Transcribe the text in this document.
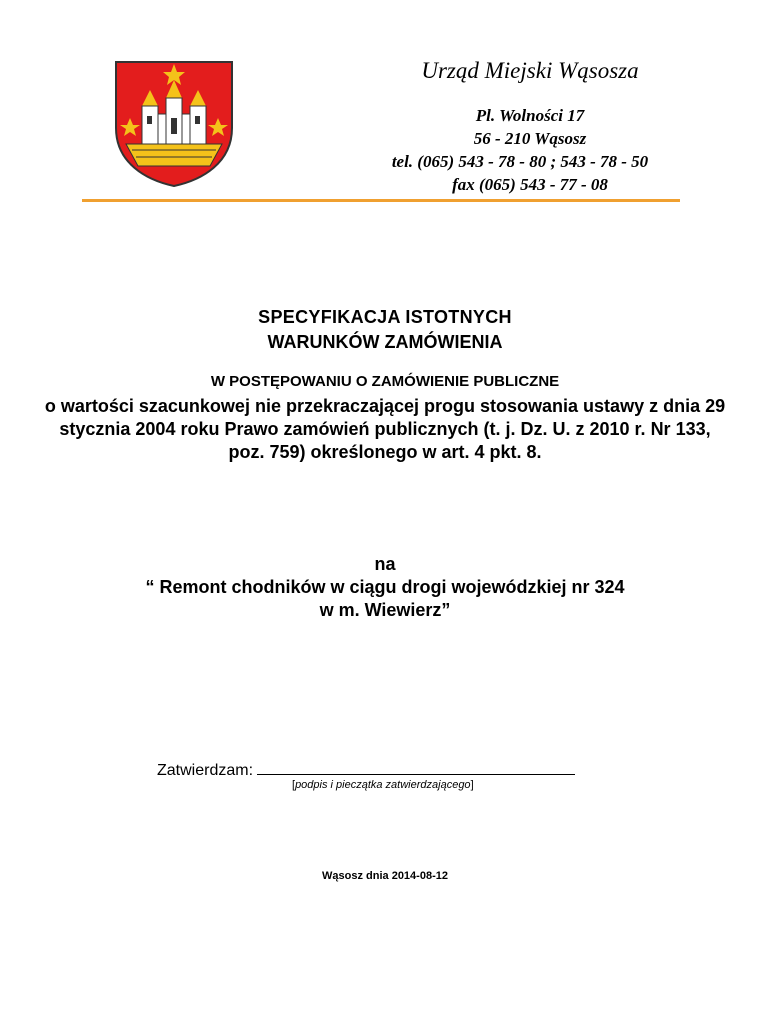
Urząd Miejski Wąsosza
Pl. Wolności 17
56 - 210 Wąsosz
tel. (065) 543 - 78 - 80 ; 543 - 78 - 50
fax (065) 543 - 77 - 08
SPECYFIKACJA ISTOTNYCH
WARUNKÓW ZAMÓWIENIA
W POSTĘPOWANIU O ZAMÓWIENIE PUBLICZNE
o wartości szacunkowej nie przekraczającej progu stosowania ustawy z dnia 29 stycznia 2004 roku Prawo zamówień publicznych (t. j. Dz. U. z 2010 r. Nr 133, poz. 759) określonego w art. 4 pkt. 8.
na
“ Remont chodników w ciągu drogi wojewódzkiej nr 324
w m. Wiewierz”
Zatwierdzam:
[podpis i pieczątka zatwierdzającego]
Wąsosz dnia 2014-08-12
